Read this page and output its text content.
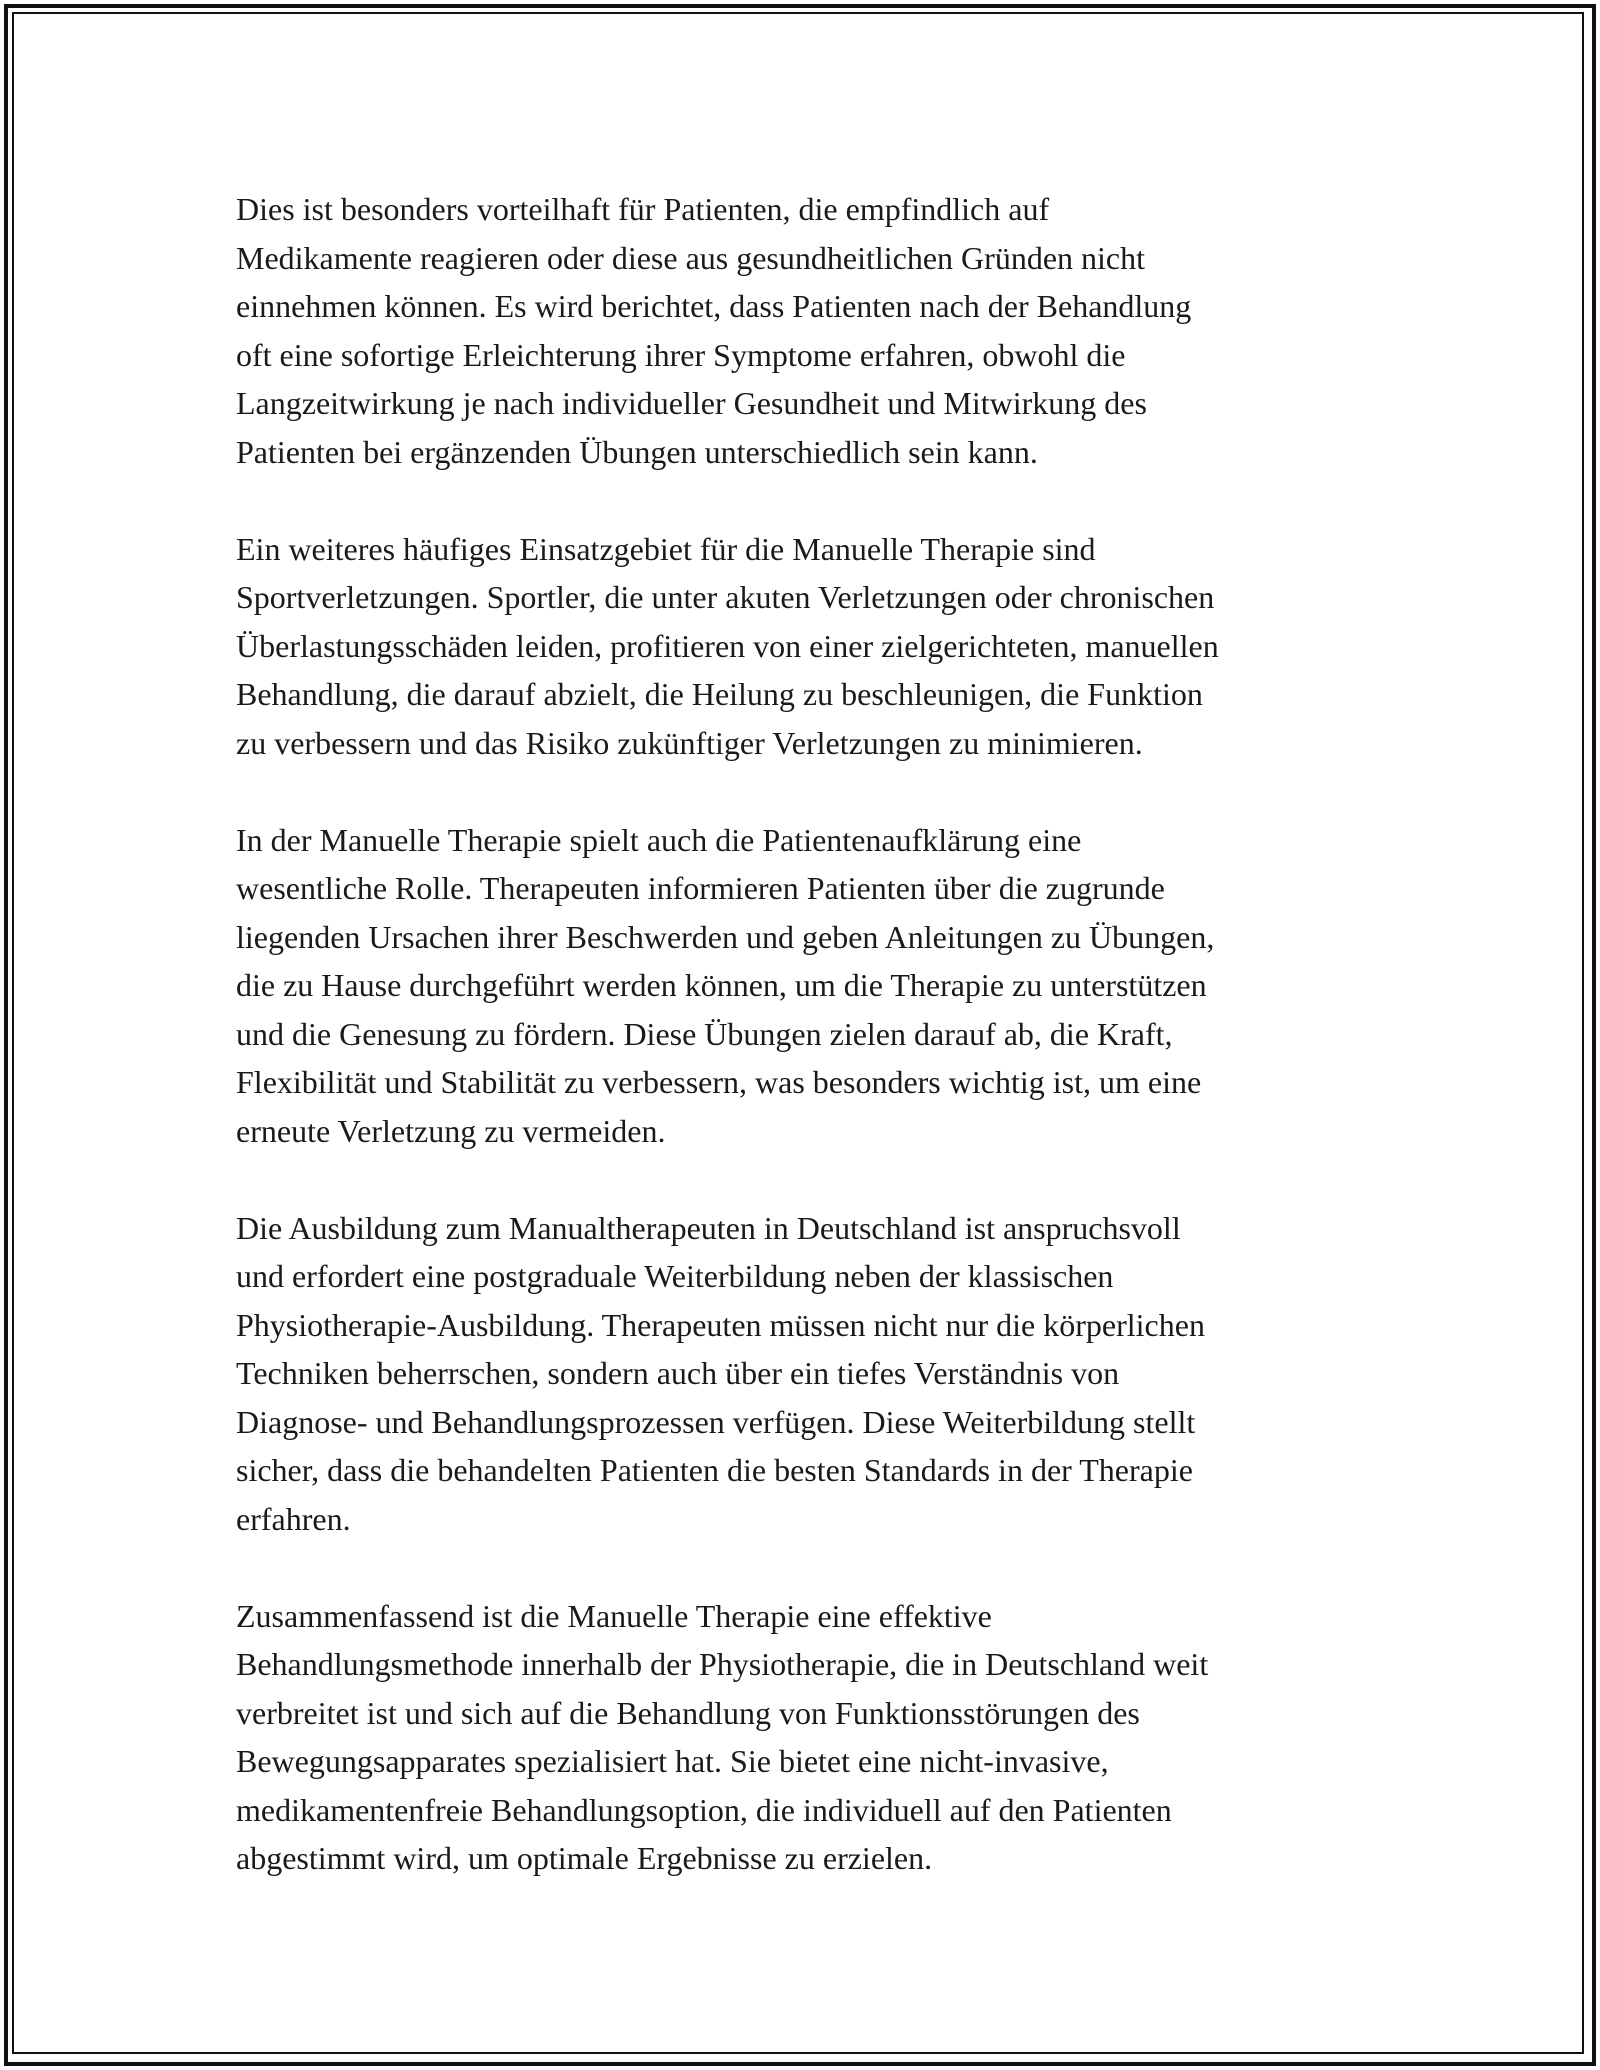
Dies ist besonders vorteilhaft für Patienten, die empfindlich auf
Medikamente reagieren oder diese aus gesundheitlichen Gründen nicht
einnehmen können. Es wird berichtet, dass Patienten nach der Behandlung
oft eine sofortige Erleichterung ihrer Symptome erfahren, obwohl die
Langzeitwirkung je nach individueller Gesundheit und Mitwirkung des
Patienten bei ergänzenden Übungen unterschiedlich sein kann.

Ein weiteres häufiges Einsatzgebiet für die Manuelle Therapie sind
Sportverletzungen. Sportler, die unter akuten Verletzungen oder chronischen
Überlastungsschäden leiden, profitieren von einer zielgerichteten, manuellen
Behandlung, die darauf abzielt, die Heilung zu beschleunigen, die Funktion
zu verbessern und das Risiko zukünftiger Verletzungen zu minimieren.

In der Manuelle Therapie spielt auch die Patientenaufklärung eine
wesentliche Rolle. Therapeuten informieren Patienten über die zugrunde
liegenden Ursachen ihrer Beschwerden und geben Anleitungen zu Übungen,
die zu Hause durchgeführt werden können, um die Therapie zu unterstützen
und die Genesung zu fördern. Diese Übungen zielen darauf ab, die Kraft,
Flexibilität und Stabilität zu verbessern, was besonders wichtig ist, um eine
erneute Verletzung zu vermeiden.

Die Ausbildung zum Manualtherapeuten in Deutschland ist anspruchsvoll
und erfordert eine postgraduale Weiterbildung neben der klassischen
Physiotherapie-Ausbildung. Therapeuten müssen nicht nur die körperlichen
Techniken beherrschen, sondern auch über ein tiefes Verständnis von
Diagnose- und Behandlungsprozessen verfügen. Diese Weiterbildung stellt
sicher, dass die behandelten Patienten die besten Standards in der Therapie
erfahren.

Zusammenfassend ist die Manuelle Therapie eine effektive
Behandlungsmethode innerhalb der Physiotherapie, die in Deutschland weit
verbreitet ist und sich auf die Behandlung von Funktionsstörungen des
Bewegungsapparates spezialisiert hat. Sie bietet eine nicht-invasive,
medikamentenfreie Behandlungsoption, die individuell auf den Patienten
abgestimmt wird, um optimale Ergebnisse zu erzielen.
